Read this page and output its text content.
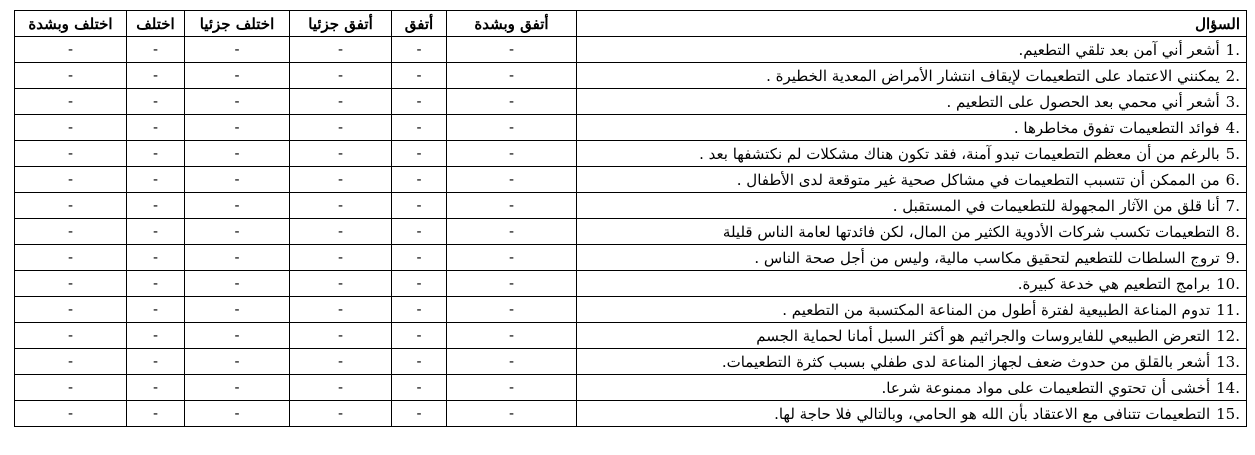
السؤال	أتفق وبشدة	أتفق	أتفق جزئيا	اختلف جزئيا	اختلف	اختلف وبشدة
.1أشعر أني آمن بعد تلقي التطعيم.	-	-	-	-	-	-
.2يمكنني الاعتماد على التطعيمات لإيقاف انتشار الأمراض المعدية الخطيرة .	-	-	-	-	-	-
.3أشعر أني محمي بعد الحصول على التطعيم .	-	-	-	-	-	-
.4فوائد التطعيمات تفوق مخاطرها .	-	-	-	-	-	-
.5بالرغم من أن معظم التطعيمات تبدو آمنة، فقد تكون هناك مشكلات لم نكتشفها بعد .	-	-	-	-	-	-
.6من الممكن أن تتسبب التطعيمات في مشاكل صحية غير متوقعة لدى الأطفال .	-	-	-	-	-	-
.7أنا قلق من الآثار المجهولة للتطعيمات في المستقبل .	-	-	-	-	-	-
.8التطعيمات تكسب شركات الأدوية الكثير من المال، لكن فائدتها لعامة الناس قليلة	-	-	-	-	-	-
.9تروج السلطات للتطعيم لتحقيق مكاسب مالية، وليس من أجل صحة الناس .	-	-	-	-	-	-
.10برامج التطعيم هي خدعة كبيرة.	-	-	-	-	-	-
.11تدوم المناعة الطبيعية لفترة أطول من المناعة المكتسبة من التطعيم .	-	-	-	-	-	-
.12التعرض الطبيعي للفايروسات والجراثيم هو أكثر السبل أمانا لحماية الجسم	-	-	-	-	-	-
.13أشعر بالقلق من حدوث ضعف لجهاز المناعة لدى طفلي بسبب كثرة التطعيمات.	-	-	-	-	-	-
.14أخشى أن تحتوي التطعيمات على مواد ممنوعة شرعا.	-	-	-	-	-	-
.15التطعيمات تتنافى مع الاعتقاد بأن الله هو الحامي، وبالتالي فلا حاجة لها.	-	-	-	-	-	-
